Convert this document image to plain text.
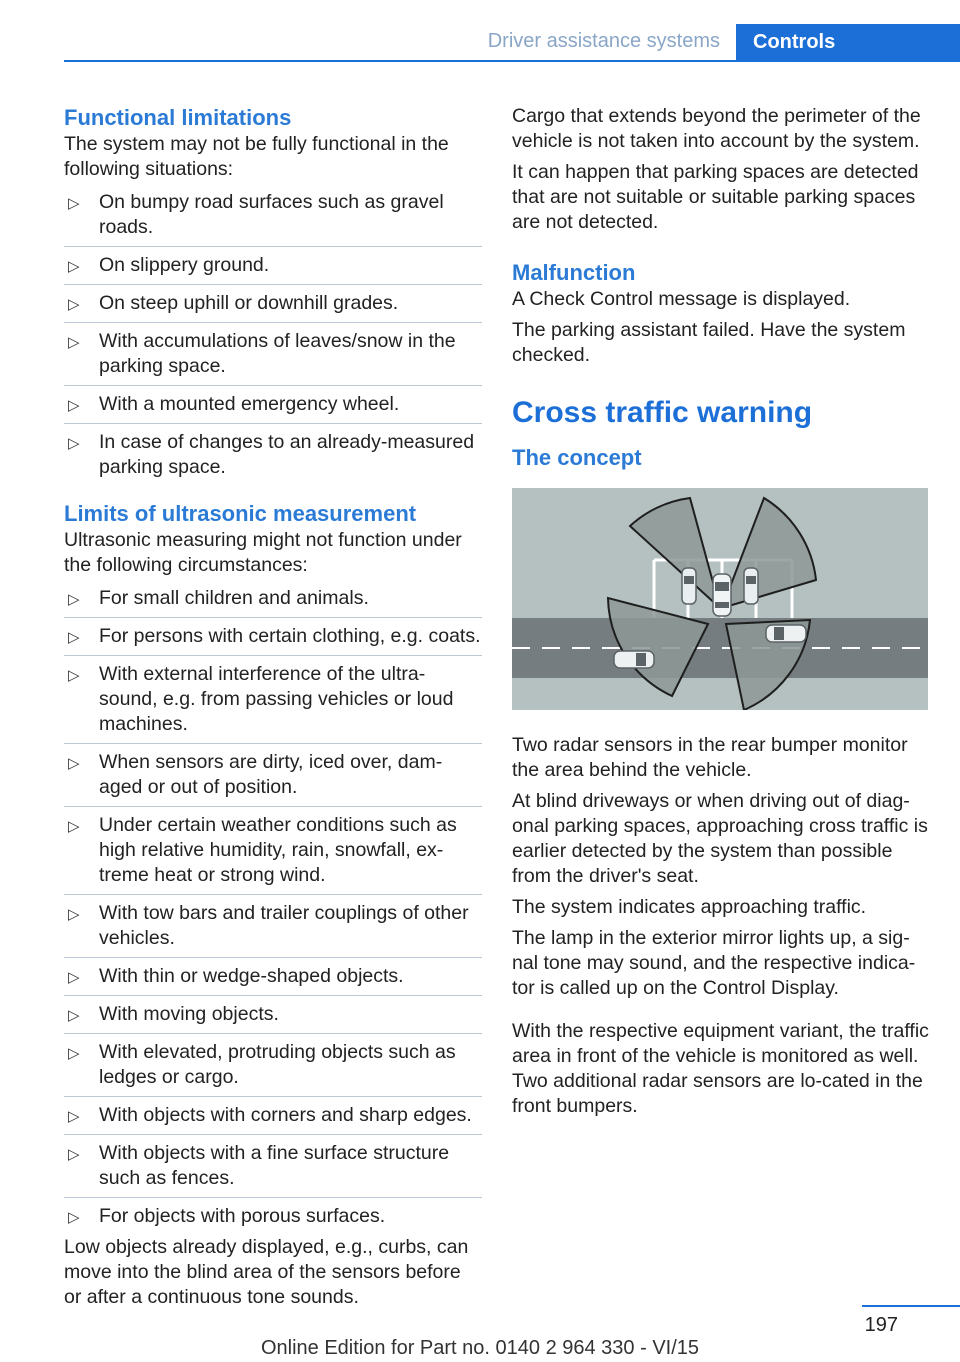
Driver assistance systems	Controls
Functional limitations

The system may not be fully functional in the following situations:

▷ On bumpy road surfaces such as gravel roads.
▷ On slippery ground.
▷ On steep uphill or downhill grades.
▷ With accumulations of leaves/snow in the parking space.
▷ With a mounted emergency wheel.
▷ In case of changes to an already-measured parking space.
Limits of ultrasonic measurement

Ultrasonic measuring might not function under the following circumstances:

▷ For small children and animals.
▷ For persons with certain clothing, e.g. coats.
▷ With external interference of the ultra‐sound, e.g. from passing vehicles or loud machines.
▷ When sensors are dirty, iced over, dam‐aged or out of position.
▷ Under certain weather conditions such as high relative humidity, rain, snowfall, ex‐treme heat or strong wind.
▷ With tow bars and trailer couplings of other vehicles.
▷ With thin or wedge-shaped objects.
▷ With moving objects.
▷ With elevated, protruding objects such as ledges or cargo.
▷ With objects with corners and sharp edges.
▷ With objects with a fine surface structure such as fences.
▷ For objects with porous surfaces.

Low objects already displayed, e.g., curbs, can move into the blind area of the sensors before or after a continuous tone sounds.

Cargo that extends beyond the perimeter of the vehicle is not taken into account by the system.

It can happen that parking spaces are detected that are not suitable or suitable parking spaces are not detected.

Malfunction

A Check Control message is displayed.

The parking assistant failed. Have the system checked.

Cross traffic warning
The concept

Two radar sensors in the rear bumper monitor the area behind the vehicle.

At blind driveways or when driving out of diag‐onal parking spaces, approaching cross traffic is earlier detected by the system than possible from the driver's seat.

The system indicates approaching traffic.

The lamp in the exterior mirror lights up, a sig‐nal tone may sound, and the respective indica‐tor is called up on the Control Display.

With the respective equipment variant, the traffic area in front of the vehicle is monitored as well. Two additional radar sensors are lo‐cated in the front bumpers.

197
Online Edition for Part no. 0140 2 964 330 - VI/15
